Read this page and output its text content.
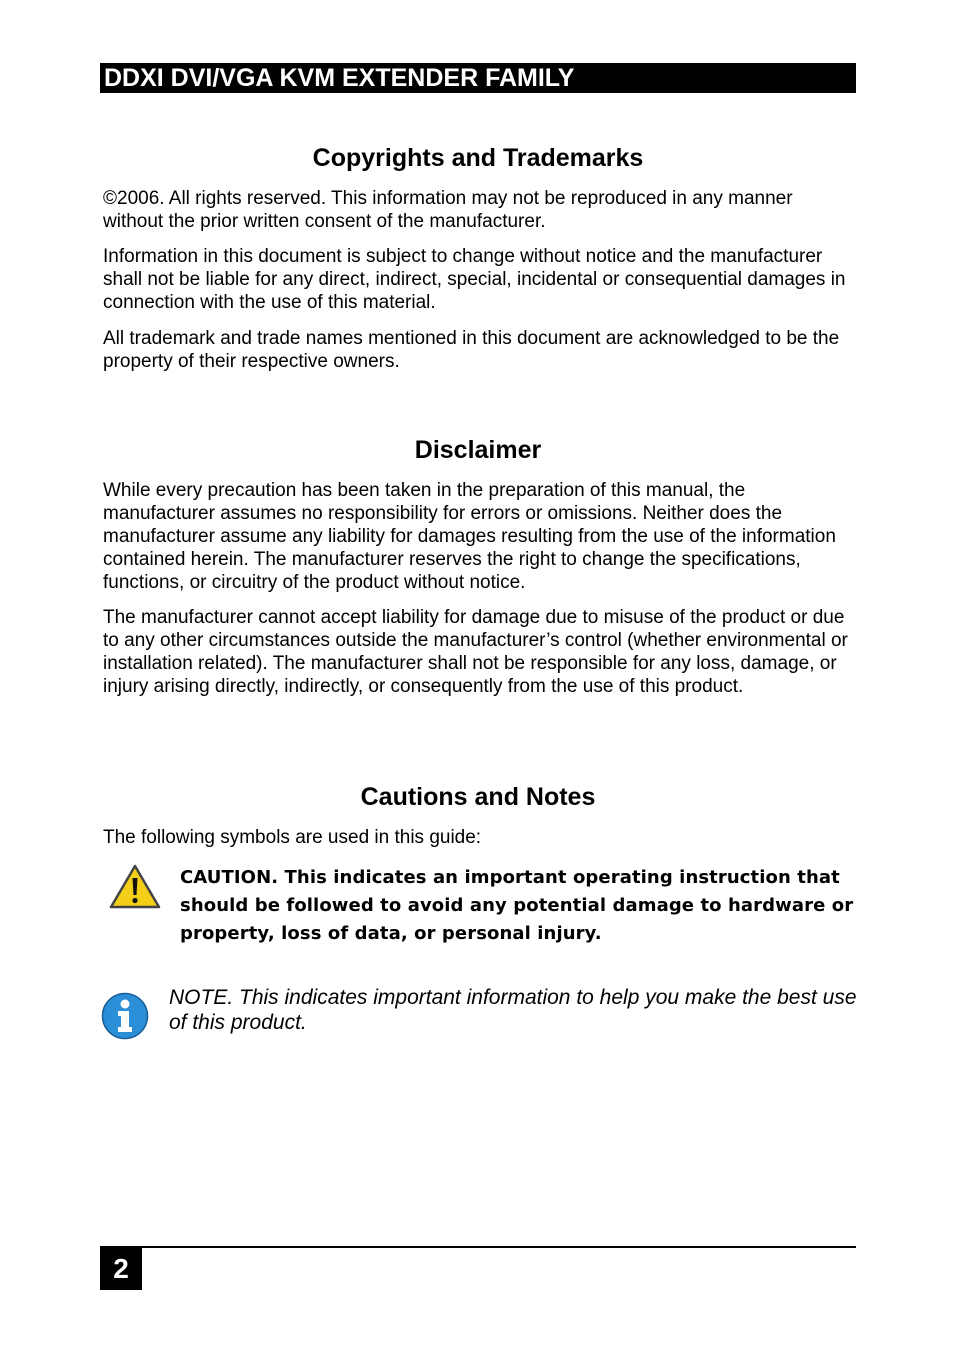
DDXI DVI/VGA KVM EXTENDER FAMILY
Copyrights and Trademarks

©2006. All rights reserved. This information may not be reproduced in any manner without the prior written consent of the manufacturer.

Information in this document is subject to change without notice and the manufacturer shall not be liable for any direct, indirect, special, incidental or consequential damages in connection with the use of this material.

All trademark and trade names mentioned in this document are acknowledged to be the property of their respective owners.

Disclaimer

While every precaution has been taken in the preparation of this manual, the manufacturer assumes no responsibility for errors or omissions. Neither does the manufacturer assume any liability for damages resulting from the use of the information contained herein. The manufacturer reserves the right to change the specifications, functions, or circuitry of the product without notice.

The manufacturer cannot accept liability for damage due to misuse of the product or due to any other circumstances outside the manufacturer’s control (whether environmental or installation related). The manufacturer shall not be responsible for any loss, damage, or injury arising directly, indirectly, or consequently from the use of this product.

Cautions and Notes

The following symbols are used in this guide:

CAUTION. This indicates an important operating instruction that should be followed to avoid any potential damage to hardware or property, loss of data, or personal injury.

NOTE. This indicates important information to help you make the best use of this product.

2
